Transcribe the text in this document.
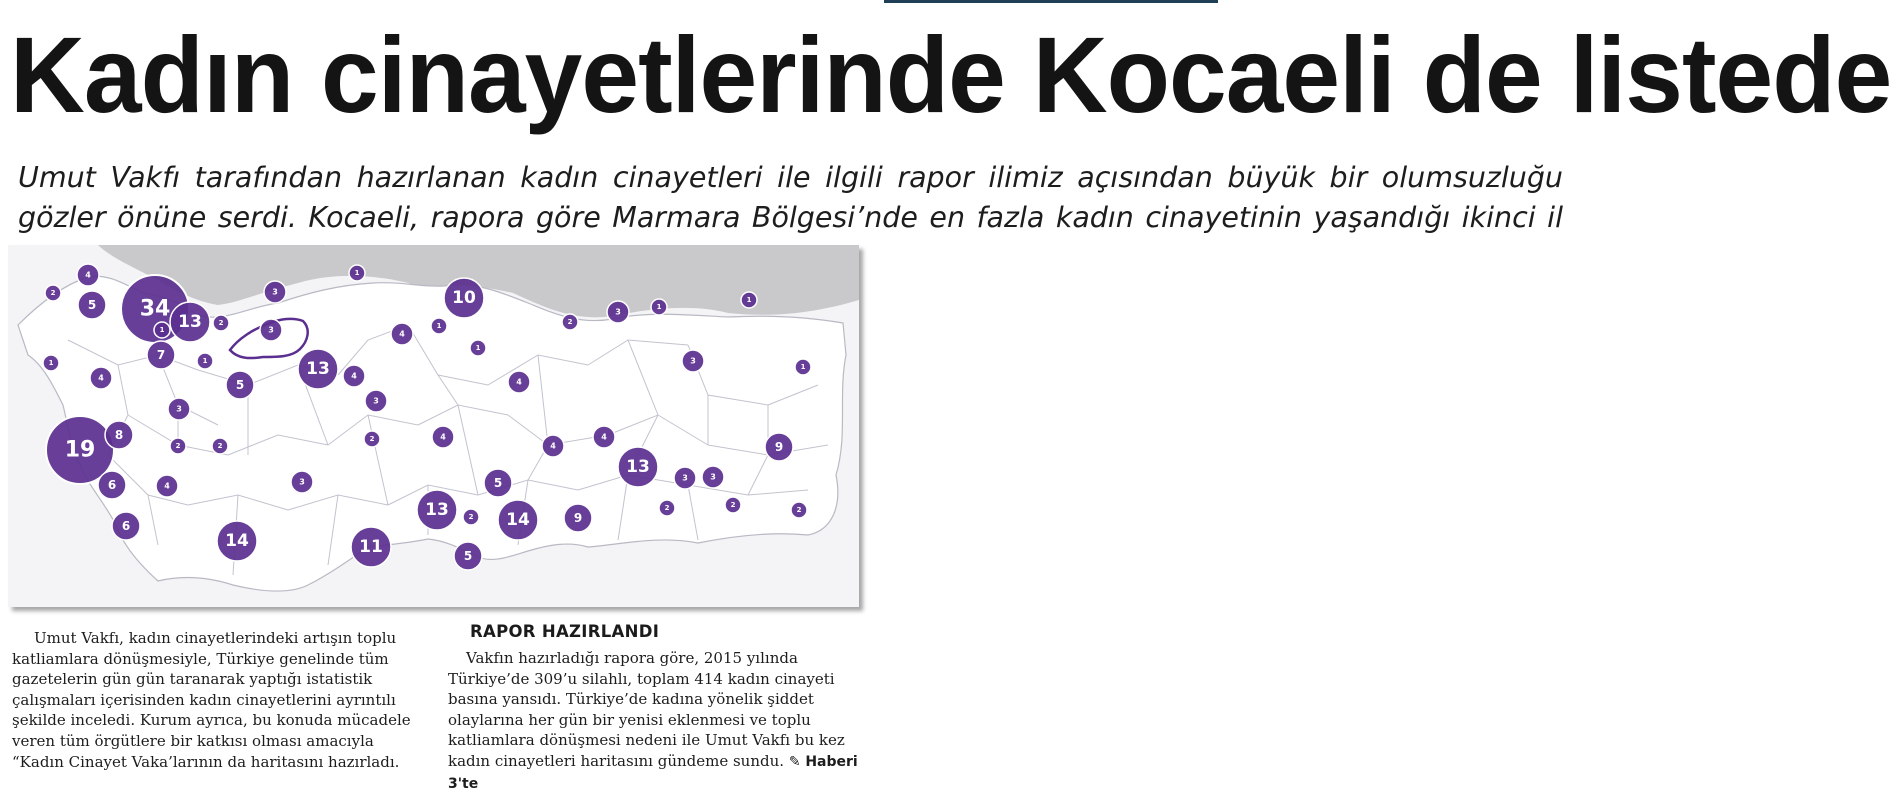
Kadın cinayetlerinde Kocaeli de listede
Umut Vakfı tarafından hazırlanan kadın cinayetleri ile ilgili rapor ilimiz açısından büyük bir olumsuzluğu gözler önüne serdi. Kocaeli, rapora göre Marmara Bölgesi’nde en fazla kadın cinayetinin yaşandığı ikinci il
34
13
10
13
19
13
13
14
14
11
9
9
8
7
6
6
5
5
5
5
4
4
4
4
4
4
4
4
4
3
3
3
3
3
3	3
3
3
2
2	2
2	2
2
2	2
2
2
1
1
1
1
1
1
1
1
1
Umut Vakfı, kadın cinayetlerindeki artışın toplu katliamlara dönüşmesiyle, Türkiye genelinde tüm gazetelerin gün gün taranarak yaptığı istatistik çalışmaları içerisinden kadın cinayetlerini ayrıntılı şekilde inceledi. Kurum ayrıca, bu konuda mücadele veren tüm örgütlere bir katkısı olması amacıyla “Kadın Cinayet Vaka’larının da haritasını hazırladı.
RAPOR HAZIRLANDI
Vakfın hazırladığı rapora göre, 2015 yılında Türkiye’de 309’u silahlı, toplam 414 kadın cinayeti basına yansıdı. Türkiye’de kadına yönelik şiddet olaylarına her gün bir yenisi eklenmesi ve toplu katliamlara dönüşmesi nedeni ile Umut Vakfı bu kez kadın cinayetleri haritasını gündeme sundu. ✎ Haberi 3'te
